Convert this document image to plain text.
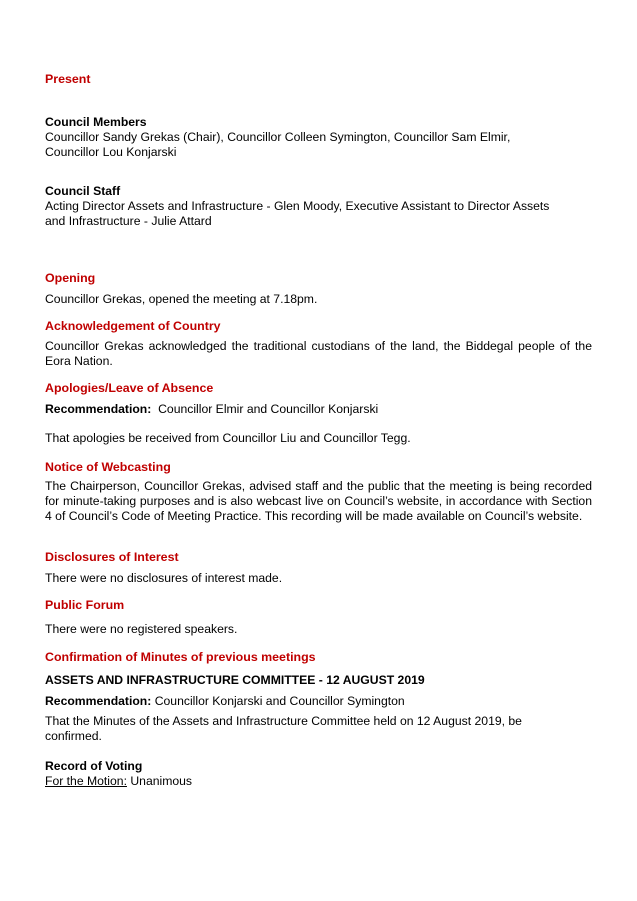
Present

Council Members

Councillor Sandy Grekas (Chair), Councillor Colleen Symington, Councillor Sam Elmir,

Councillor Lou Konjarski

Council Staff

Acting Director Assets and Infrastructure - Glen Moody, Executive Assistant to Director Assets

and Infrastructure - Julie Attard

Opening

Councillor Grekas, opened the meeting at 7.18pm.

Acknowledgement of Country

Councillor Grekas acknowledged the traditional custodians of the land, the Biddegal people of the Eora Nation.

Apologies/Leave of Absence

Recommendation: Councillor Elmir and Councillor Konjarski

That apologies be received from Councillor Liu and Councillor Tegg.

Notice of Webcasting

The Chairperson, Councillor Grekas, advised staff and the public that the meeting is being recorded for minute-taking purposes and is also webcast live on Council’s website, in accordance with Section 4 of Council’s Code of Meeting Practice. This recording will be made available on Council’s website.

Disclosures of Interest

There were no disclosures of interest made.

Public Forum

There were no registered speakers.

Confirmation of Minutes of previous meetings

ASSETS AND INFRASTRUCTURE COMMITTEE - 12 AUGUST 2019

Recommendation: Councillor Konjarski and Councillor Symington

That the Minutes of the Assets and Infrastructure Committee held on 12 August 2019, be

confirmed.

Record of Voting

For the Motion: Unanimous
